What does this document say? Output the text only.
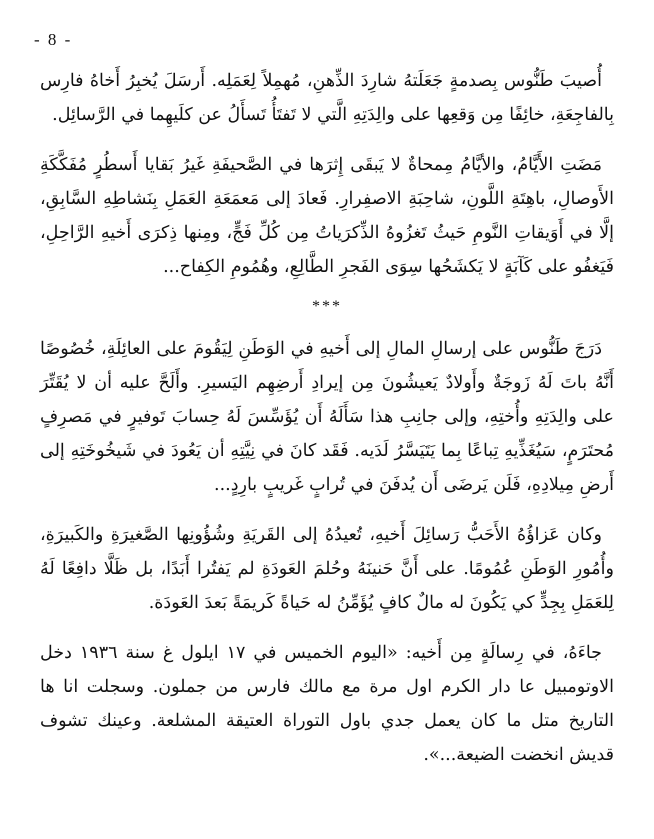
- 8 -

أُصيبَ طَنُّوس بِصدمةٍ جَعَلَتهُ شارِدَ الذِّهنِ، مُهمِلاً لِعَمَلِه. أَرسَلَ يُخبِرُ أَخاهُ فارِس بِالفاجِعَةِ، خائِفًا مِن وَقعِها على والِدَتِهِ الَّتي لا تَفتَأُ تَسأَلُ عن كلَيهِما في الرَّسائِل.

مَضَتِ الأَيَّامُ، والأيَّامُ مِمحاةٌ لا يَبقَى إِثرَها في الصَّحيفَةِ غَيرُ بَقايا أَسطُرٍ مُفَكَّكَةِ الأَوصالِ، باهِتَةِ اللَّونِ، شاحِبَةِ الاصفِرارِ. فَعادَ إلى مَعمَعَةِ العَمَلِ بِنَشاطِهِ السَّابِقِ، إلَّا في أَوَيقاتِ النَّومِ حَيثُ تَغزُوهُ الذِّكرَياتُ مِن كُلِّ فَجٍّ، ومِنها ذِكرَى أَخيهِ الرَّاحِلِ، فَيَغفُو على كَآبَةٍ لا يَكشَحُها سِوَى الفَجرِ الطَّالِعِ، وهُمُومِ الكِفاح...

***

دَرَجَ طَنُّوس على إرسالِ المالِ إلى أَخيهِ في الوَطَنِ لِيَقُومَ على العائِلَةِ، خُصُوصًا أَنَّهُ باتَ لَهُ زَوجَةٌ وأَولادٌ يَعيشُونَ مِن إيرادِ أَرضِهِم اليَسيرِ. وأَلَحَّ عليه أن لا يُقَتِّرَ على والِدَتِهِ وأُختِهِ، وإلى جانِبِ هذا سَأَلَهُ أَن يُؤَسِّسَ لَهُ حِسابَ تَوفيرٍ في مَصرِفٍ مُحتَرَمٍ، سَيُغَذِّيهِ تِباعًا بِما يَتَيَسَّرُ لَدَيه. فَقَد كانَ في نِيَّتِهِ أن يَعُودَ في شَيخُوخَتِهِ إلى أَرضِ مِيلادِهِ، فَلَن يَرضَى أَن يُدفَنَ في تُرابٍ غَريبٍ بارِدٍ...

وكان عَزاؤُهُ الأَحَبُّ رَسائِلَ أَخيهِ، تُعيدُهُ إلى القَريَةِ وشُؤُونِها الصَّغيرَةِ والكَبيرَةِ، وأُمُورِ الوَطَنِ عُمُومًا. على أَنَّ حَنينَهُ وحُلمَ العَودَةِ لم يَفتُرا أَبَدًا، بل ظَلَّا دافِعًا لَهُ لِلعَمَلِ بِجِدٍّ كي يَكُونَ له مالٌ كافٍ يُؤَمِّنُ له حَياةً كَريمَةً بَعدَ العَودَة.

جاءَهُ، في رِسالَةٍ مِن أَخيه: «اليوم الخميس في ١٧ ايلول غ سنة ١٩٣٦ دخل الاوتومبيل عا دار الكرم اول مرة مع مالك فارس من جملون. وسجلت انا ها التاريخ متل ما كان يعمل جدي باول التوراة العتيقة المشلعة. وعينك تشوف قديش انخضت الضيعة...».
